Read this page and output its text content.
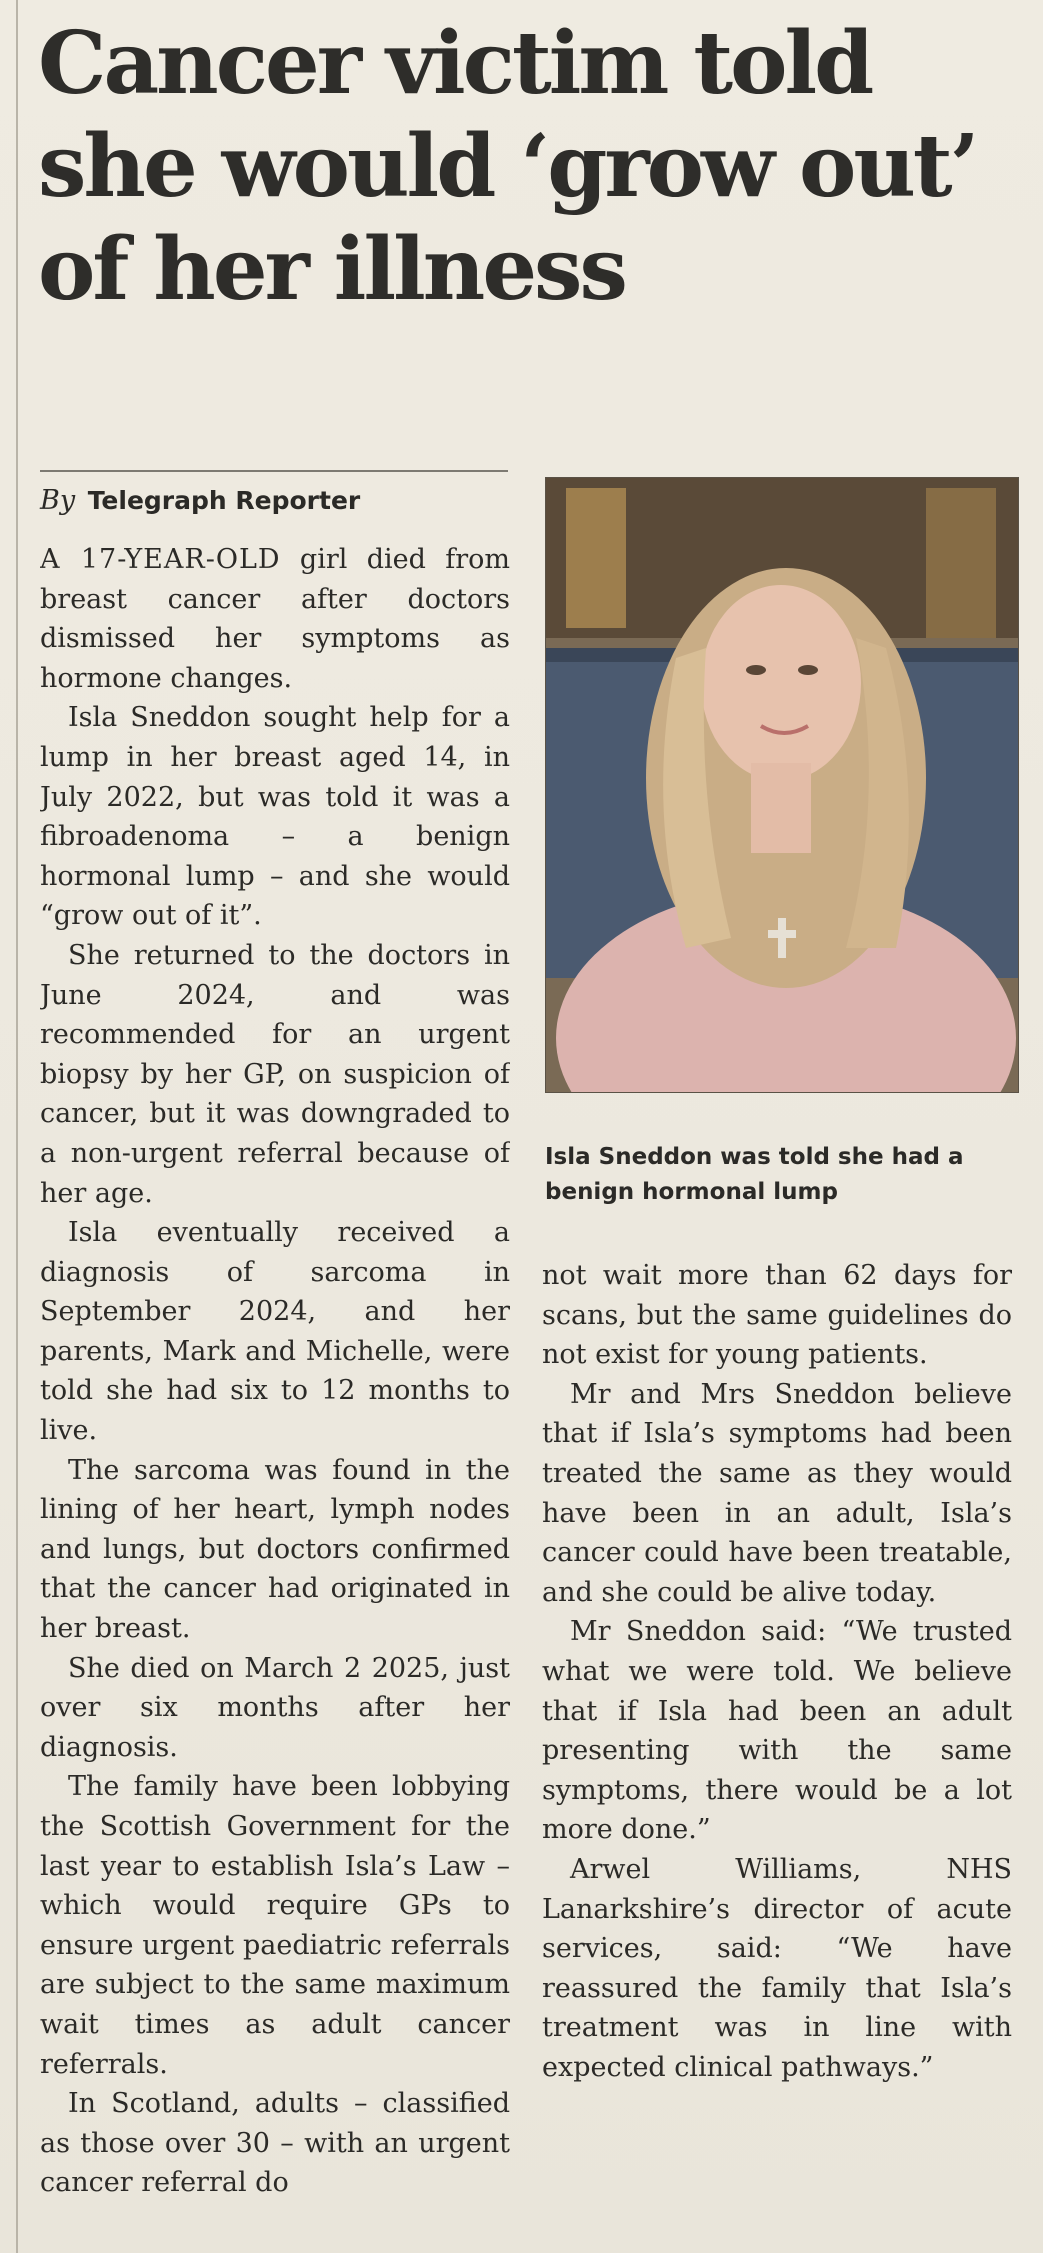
Cancer victim told she would ‘grow out’ of her illness
By Telegraph Reporter

A 17-YEAR-OLD girl died from breast cancer after doctors dismissed her symptoms as hormone changes.

Isla Sneddon sought help for a lump in her breast aged 14, in July 2022, but was told it was a fibroadenoma – a benign hormonal lump – and she would “grow out of it”.

She returned to the doctors in June 2024, and was recommended for an urgent biopsy by her GP, on suspicion of cancer, but it was downgraded to a non-urgent referral because of her age.

Isla eventually received a diagnosis of sarcoma in September 2024, and her parents, Mark and Michelle, were told she had six to 12 months to live.

The sarcoma was found in the lining of her heart, lymph nodes and lungs, but doctors confirmed that the cancer had originated in her breast.

She died on March 2 2025, just over six months after her diagnosis.

The family have been lobbying the Scottish Government for the last year to establish Isla’s Law – which would require GPs to ensure urgent paediatric referrals are subject to the same maximum wait times as adult cancer referrals.

In Scotland, adults – classified as those over 30 – with an urgent cancer referral do

Isla Sneddon was told she had a benign hormonal lump

not wait more than 62 days for scans, but the same guidelines do not exist for young patients.

Mr and Mrs Sneddon believe that if Isla’s symptoms had been treated the same as they would have been in an adult, Isla’s cancer could have been treatable, and she could be alive today.

Mr Sneddon said: “We trusted what we were told. We believe that if Isla had been an adult presenting with the same symptoms, there would be a lot more done.”

Arwel Williams, NHS Lanarkshire’s director of acute services, said: “We have reassured the family that Isla’s treatment was in line with expected clinical pathways.”
